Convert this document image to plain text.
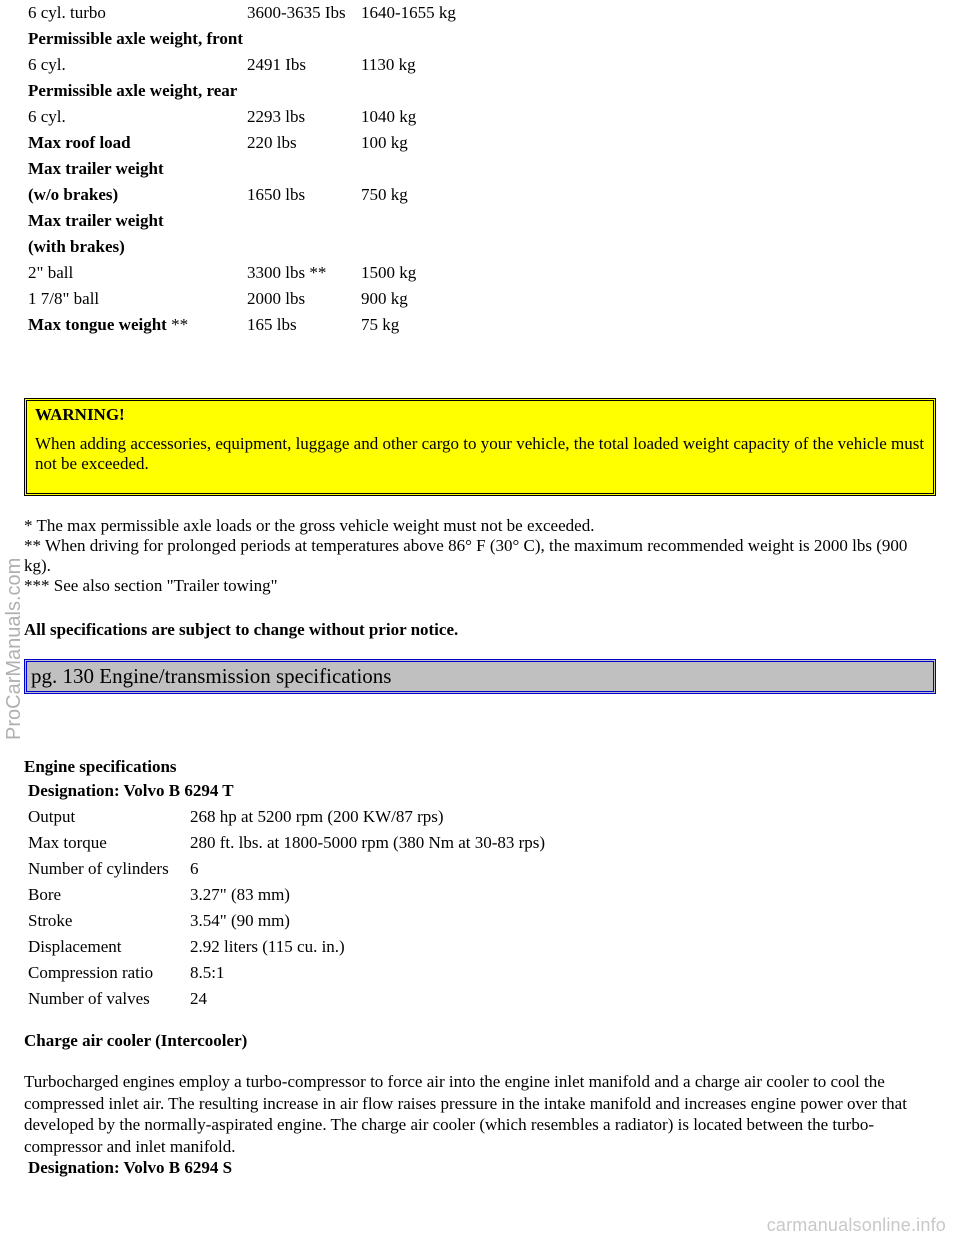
6 cyl. turbo	3600-3635 Ibs	1640-1655 kg
Permissible axle weight, front		
6 cyl.	2491 Ibs	1130 kg
Permissible axle weight, rear		
6 cyl.	2293 lbs	1040 kg
Max roof load	220 lbs	100 kg
Max trailer weight		
(w/o brakes)	1650 lbs	750 kg
Max trailer weight		
(with brakes)		
2" ball	3300 lbs **	1500 kg
1 7/8" ball	2000 lbs	900 kg
Max tongue weight **	165 lbs	75 kg
WARNING!
When adding accessories, equipment, luggage and other cargo to your vehicle, the total loaded weight capacity of the vehicle must not be exceeded.
* The max permissible axle loads or the gross vehicle weight must not be exceeded.
** When driving for prolonged periods at temperatures above 86° F (30° C), the maximum recommended weight is 2000 lbs (900 kg).
*** See also section "Trailer towing"
All specifications are subject to change without prior notice.
pg. 130 Engine/transmission specifications
Engine specifications
Designation: Volvo B 6294 T	
Output	268 hp at 5200 rpm (200 KW/87 rps)
Max torque	280 ft. lbs. at 1800-5000 rpm (380 Nm at 30-83 rps)
Number of cylinders	6
Bore	3.27" (83 mm)
Stroke	3.54" (90 mm)
Displacement	2.92 liters (115 cu. in.)
Compression ratio	8.5:1
Number of valves	24
Charge air cooler (Intercooler)
Turbocharged engines employ a turbo-compressor to force air into the engine inlet manifold and a charge air cooler to cool the compressed inlet air. The resulting increase in air flow raises pressure in the intake manifold and increases engine power over that developed by the normally-aspirated engine. The charge air cooler (which resembles a radiator) is located between the turbo-compressor and inlet manifold.
Designation: Volvo B 6294 S
ProCarManuals.com
carmanualsonline.info
